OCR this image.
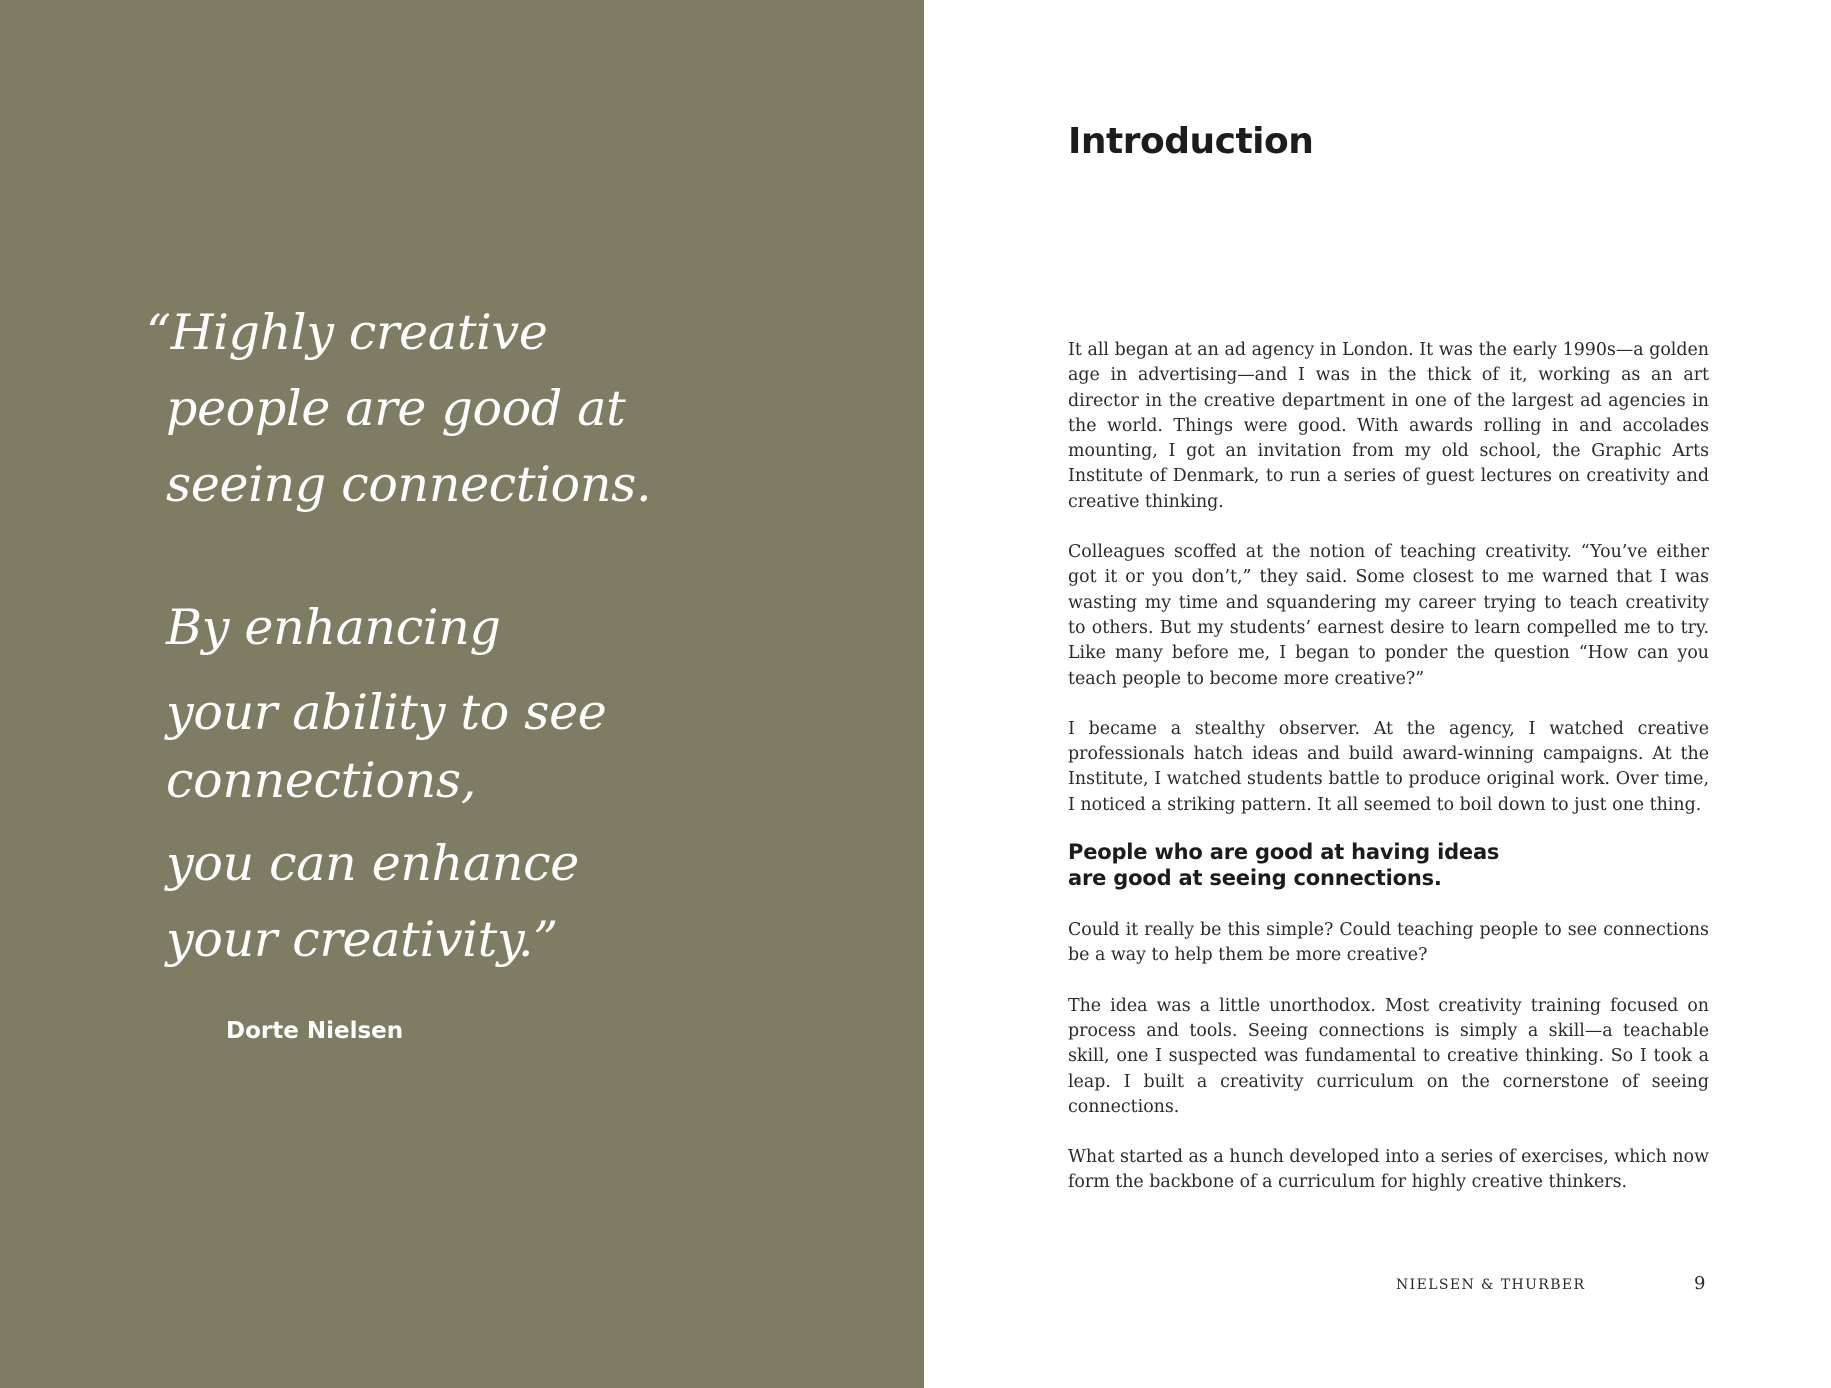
“Highly creative
people are good at
seeing connections.
By enhancing
your ability to see
connections,
you can enhance
your creativity.”
Dorte Nielsen
Introduction

It all began at an ad agency in London. It was the early 1990s—a golden age in advertising—and I was in the thick of it, working as an art director in the creative department in one of the largest ad agencies in the world. Things were good. With awards rolling in and accolades mounting, I got an invitation from my old school, the Graphic Arts Institute of Denmark, to run a series of guest lectures on creativity and creative thinking.

Colleagues scoffed at the notion of teaching creativity. “You’ve either got it or you don’t,” they said. Some closest to me warned that I was wasting my time and squandering my career trying to teach creativity to others. But my students’ earnest desire to learn compelled me to try. Like many before me, I began to ponder the question “How can you teach people to become more creative?”

I became a stealthy observer. At the agency, I watched creative professionals hatch ideas and build award-winning campaigns. At the Institute, I watched students battle to produce original work. Over time, I noticed a striking pattern. It all seemed to boil down to just one thing.

People who are good at having ideas
are good at seeing connections.

Could it really be this simple? Could teaching people to see connections be a way to help them be more creative?

The idea was a little unorthodox. Most creativity training focused on process and tools. Seeing connections is simply a skill—a teachable skill, one I suspected was fundamental to creative thinking. So I took a leap. I built a creativity curriculum on the cornerstone of seeing connections.

What started as a hunch developed into a series of exercises, which now form the backbone of a curriculum for highly creative thinkers.

NIELSEN & THURBER	9
